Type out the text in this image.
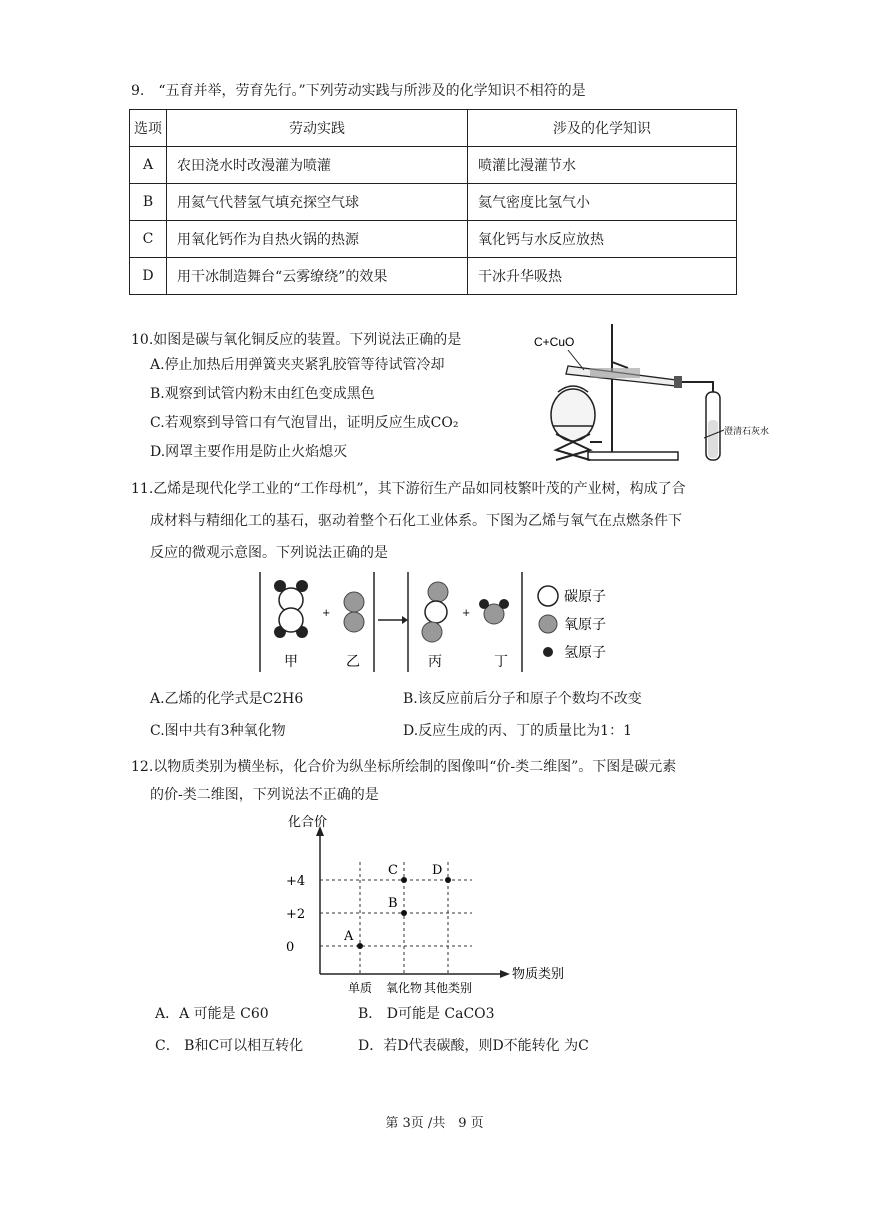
9.　“五育并举，劳育先行。”下列劳动实践与所涉及的化学知识不相符的是
选项	劳动实践	涉及的化学知识
A	农田浇水时改漫灌为喷灌	喷灌比漫灌节水
B	用氦气代替氢气填充探空气球	氦气密度比氢气小
C	用氧化钙作为自热火锅的热源	氧化钙与水反应放热
D	用干冰制造舞台“云雾缭绕”的效果	干冰升华吸热
10.如图是碳与氧化铜反应的装置。下列说法正确的是
A.停止加热后用弹簧夹夹紧乳胶管等待试管冷却
B.观察到试管内粉末由红色变成黑色
C.若观察到导管口有气泡冒出，证明反应生成CO₂
D.网罩主要作用是防止火焰熄灭
C+CuO
澄清石灰水
11.乙烯是现代化学工业的“工作母机”，其下游衍生产品如同枝繁叶茂的产业树，构成了合
成材料与精细化工的基石，驱动着整个石化工业体系。下图为乙烯与氧气在点燃条件下
反应的微观示意图。下列说法正确的是
+	+
甲	乙	丙	丁
碳原子
氧原子
氢原子
A.乙烯的化学式是C2H6	B.该反应前后分子和原子个数均不改变
C.图中共有3种氧化物	D.反应生成的丙、丁的质量比为1：1
12.以物质类别为横坐标，化合价为纵坐标所绘制的图像叫“价-类二维图”。下图是碳元素
的价-类二维图，下列说法不正确的是
化合价
物质类别
+4
+2
0
单质 氧化物 其他类别
A
B
C	D
A．A 可能是 C60	B． D可能是 CaCO3
C． B和C可以相互转化	D．若D代表碳酸，则D不能转化 为C
第 3页 /共　9 页
